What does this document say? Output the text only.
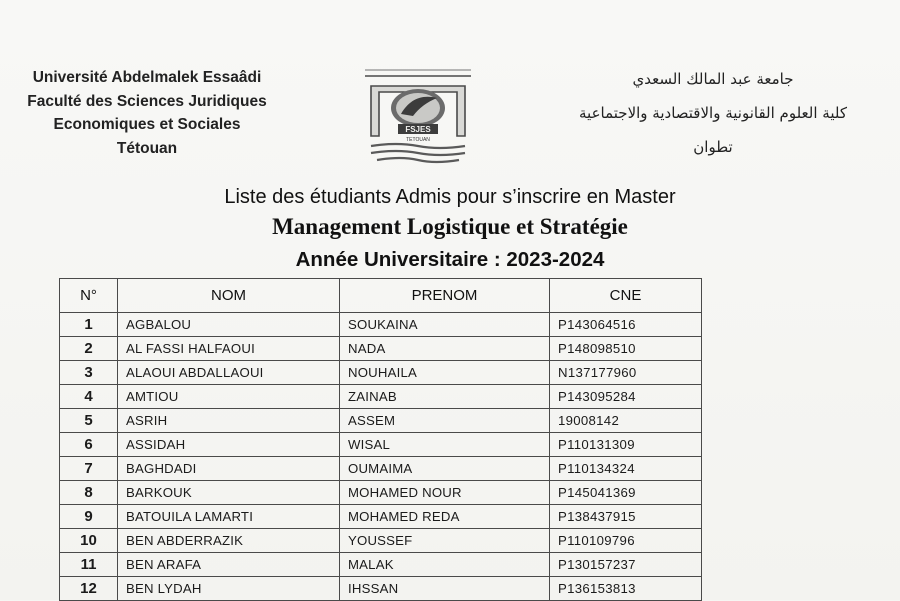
Université Abdelmalek Essaâdi
Faculté des Sciences Juridiques
Economiques et Sociales
Tétouan
FSJES
TETOUAN
جامعة عبد المالك السعدي
كلية العلوم القانونية والاقتصادية والاجتماعية
تطوان
Liste des étudiants Admis pour s’inscrire en Master
Management Logistique et Stratégie
Année Universitaire : 2023-2024
N°	NOM	PRENOM	CNE
1	AGBALOU	SOUKAINA	P143064516
2	AL FASSI HALFAOUI	NADA	P148098510
3	ALAOUI ABDALLAOUI	NOUHAILA	N137177960
4	AMTIOU	ZAINAB	P143095284
5	ASRIH	ASSEM	19008142
6	ASSIDAH	WISAL	P110131309
7	BAGHDADI	OUMAIMA	P110134324
8	BARKOUK	MOHAMED NOUR	P145041369
9	BATOUILA LAMARTI	MOHAMED REDA	P138437915
10	BEN ABDERRAZIK	YOUSSEF	P110109796
11	BEN ARAFA	MALAK	P130157237
12	BEN LYDAH	IHSSAN	P136153813
